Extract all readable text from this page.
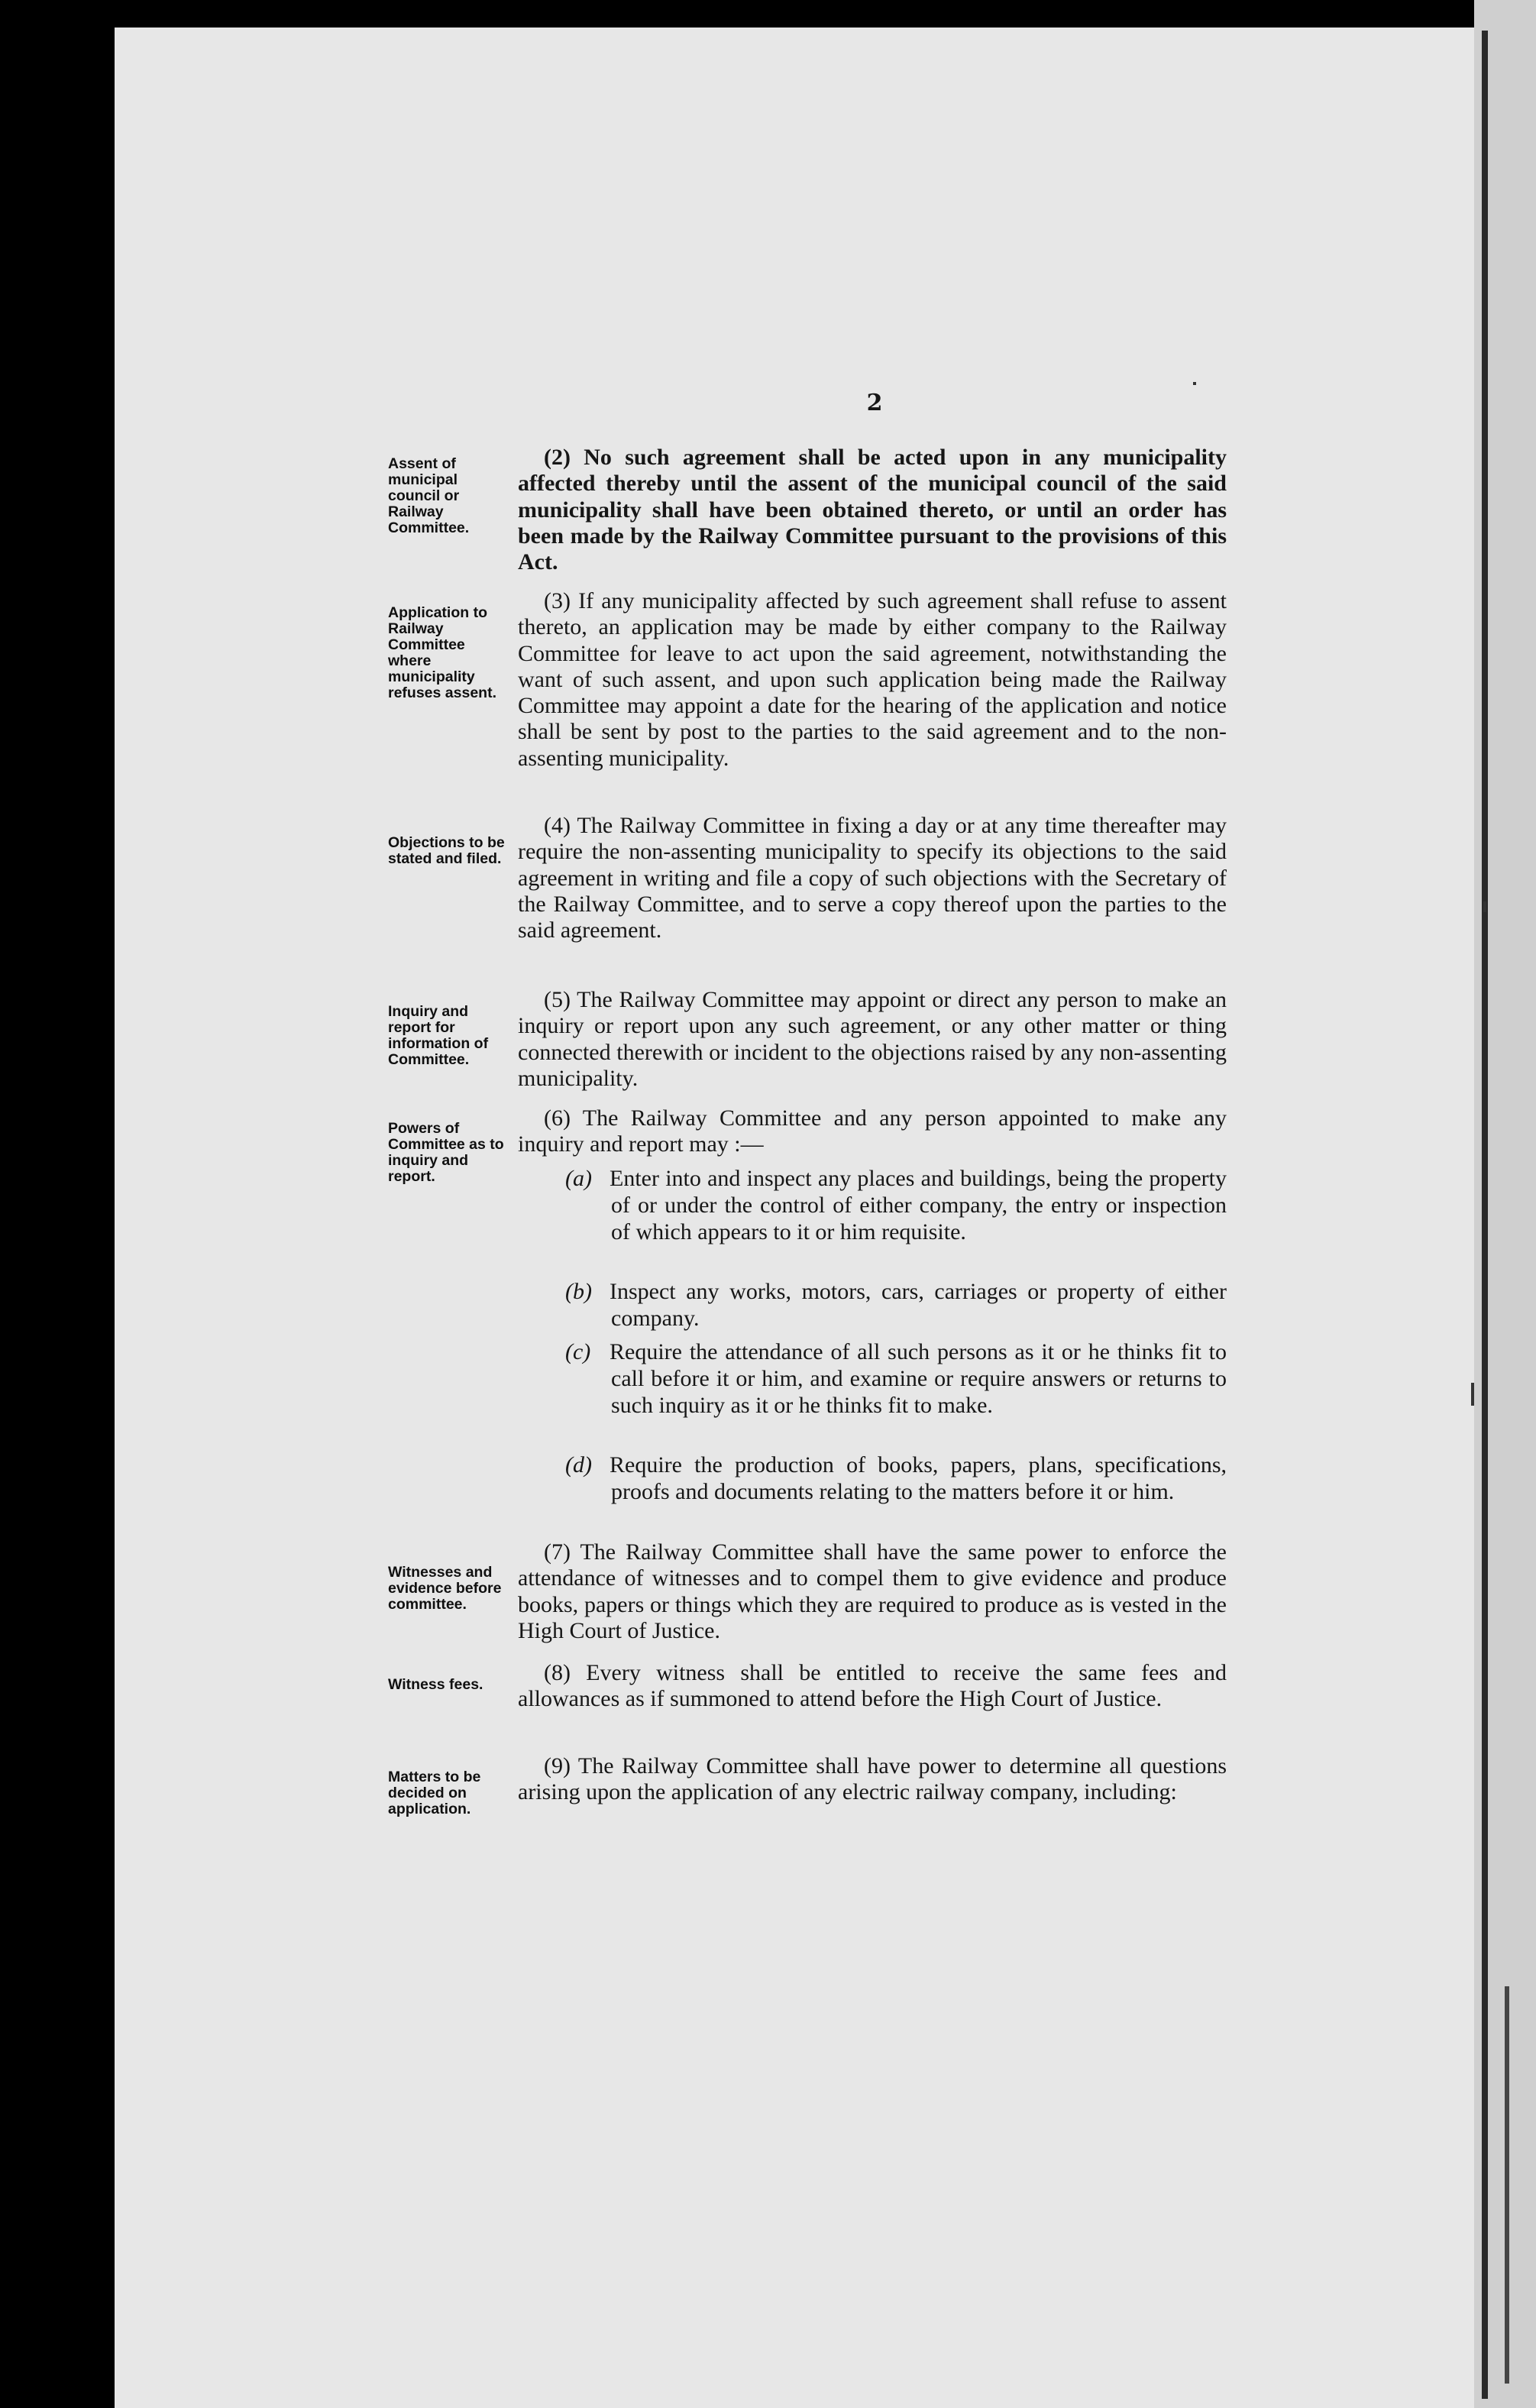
2
Assent of municipal council or Railway Committee.
Application to Railway Committee where municipality refuses assent.
Objections to be stated and filed.
Inquiry and report for information of Committee.
Powers of Committee as to inquiry and report.
Witnesses and evidence before committee.
Witness fees.
Matters to be decided on application.
(2) No such agreement shall be acted upon in any municipality affected thereby until the assent of the municipal council of the said municipality shall have been obtained thereto, or until an order has been made by the Railway Committee pursuant to the provisions of this Act.
(3) If any municipality affected by such agreement shall refuse to assent thereto, an application may be made by either company to the Railway Committee for leave to act upon the said agreement, notwithstanding the want of such assent, and upon such application being made the Railway Committee may appoint a date for the hearing of the application and notice shall be sent by post to the parties to the said agreement and to the non-assenting municipality.
(4) The Railway Committee in fixing a day or at any time thereafter may require the non-assenting municipality to specify its objections to the said agreement in writing and file a copy of such objections with the Secretary of the Railway Committee, and to serve a copy thereof upon the parties to the said agreement.
(5) The Railway Committee may appoint or direct any person to make an inquiry or report upon any such agreement, or any other matter or thing connected therewith or incident to the objections raised by any non-assenting municipality.
(6) The Railway Committee and any person appointed to make any inquiry and report may :—
(a) Enter into and inspect any places and buildings, being the property of or under the control of either company, the entry or inspection of which appears to it or him requisite.
(b) Inspect any works, motors, cars, carriages or property of either company.
(c) Require the attendance of all such persons as it or he thinks fit to call before it or him, and examine or require answers or returns to such inquiry as it or he thinks fit to make.
(d) Require the production of books, papers, plans, specifications, proofs and documents relating to the matters before it or him.
(7) The Railway Committee shall have the same power to enforce the attendance of witnesses and to compel them to give evidence and produce books, papers or things which they are required to produce as is vested in the High Court of Justice.
(8) Every witness shall be entitled to receive the same fees and allowances as if summoned to attend before the High Court of Justice.
(9) The Railway Committee shall have power to determine all questions arising upon the application of any electric railway company, including:
